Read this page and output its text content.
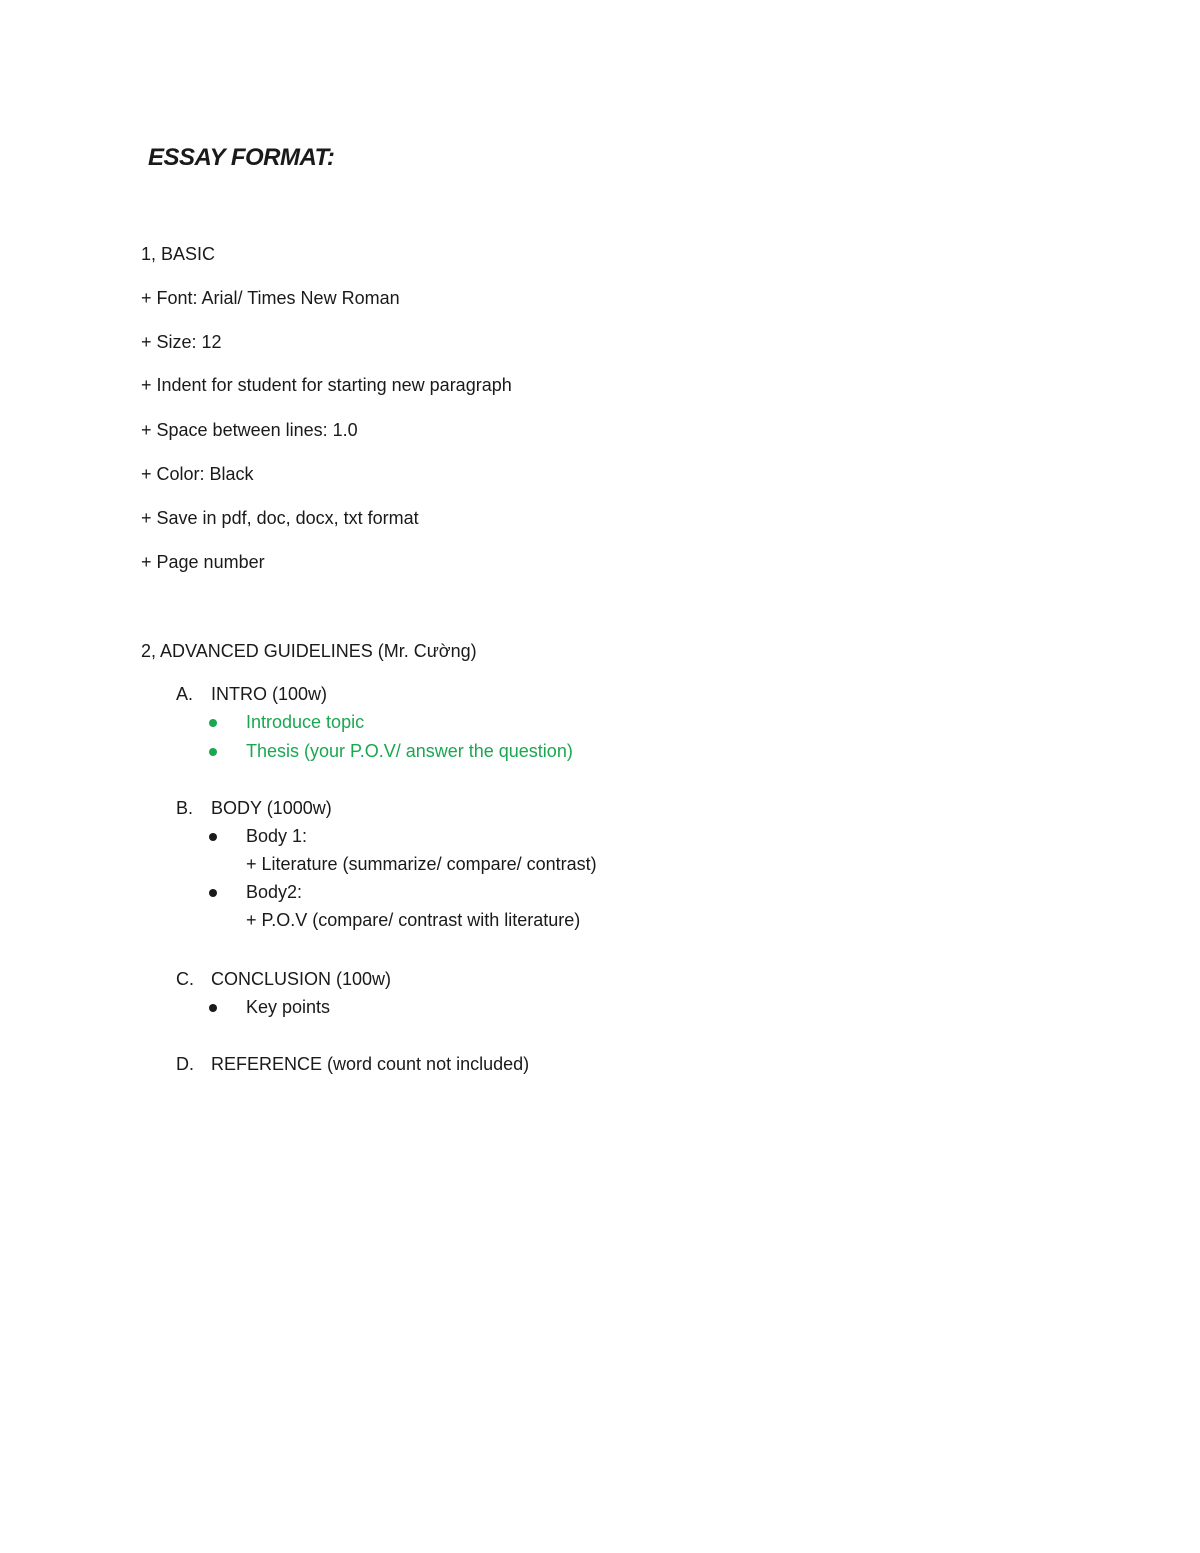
ESSAY FORMAT:
1, BASIC
+ Font: Arial/ Times New Roman
+ Size: 12
+ Indent for student for starting new paragraph
+ Space between lines: 1.0
+ Color: Black
+ Save in pdf, doc, docx, txt format
+ Page number
2, ADVANCED GUIDELINES (Mr. Cường)
A. INTRO (100w)
Introduce topic
Thesis (your P.O.V/ answer the question)
B. BODY (1000w)
Body 1:
+ Literature (summarize/ compare/ contrast)
Body2:
+ P.O.V (compare/ contrast with literature)
C. CONCLUSION (100w)
Key points
D. REFERENCE (word count not included)
